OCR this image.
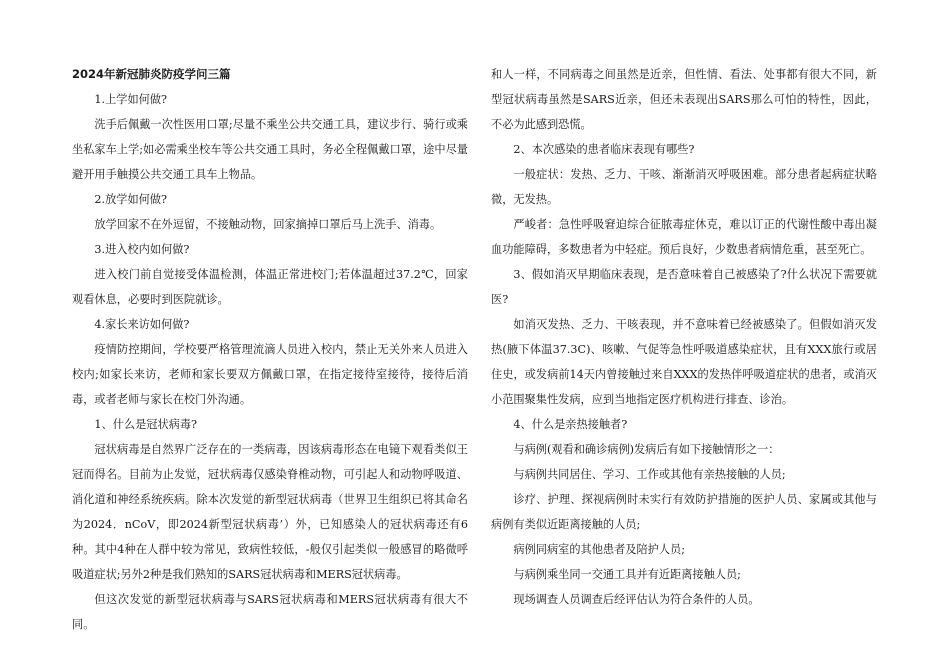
2024年新冠肺炎防疫学问三篇

1.上学如何做?

洗手后佩戴一次性医用口罩;尽量不乘坐公共交通工具，建议步行、骑行或乘坐私家车上学;如必需乘坐校车等公共交通工具时，务必全程佩戴口罩，途中尽量避开用手触摸公共交通工具车上物品。

2.放学如何做?

放学回家不在外逗留，不接触动物，回家摘掉口罩后马上洗手、消毒。

3.进入校内如何做?

进入校门前自觉接受体温检测，体温正常进校门;若体温超过37.2℃，回家观看休息，必要时到医院就诊。

4.家长来访如何做?

疫情防控期间，学校要严格管理流滴人员进入校内，禁止无关外来人员进入校内;如家长来访，老师和家长要双方佩戴口罩，在指定接待室接待，接待后消毒，或者老师与家长在校门外沟通。

1、什么是冠状病毒?

冠状病毒是自然界广泛存在的一类病毒，因该病毒形态在电镜下观看类似王冠而得名。目前为止发觉，冠状病毒仅感染脊椎动物，可引起人和动物呼吸道、消化道和神经系统疾病。除本次发觉的新型冠状病毒（世界卫生组织已将其命名为2024．nCoV，即2024新型冠状病毒’）外，已知感染人的冠状病毒还有6种。其中4种在人群中较为常见，致病性较低，-般仅引起类似一般感冒的略微呼吸道症状;另外2种是我们熟知的SARS冠状病毒和MERS冠状病毒。

但这次发觉的新型冠状病毒与SARS冠状病毒和MERS冠状病毒有很大不同。

和人一样，不同病毒之间虽然是近亲，但性情、看法、处事都有很大不同，新型冠状病毒虽然是SARS近亲，但还未表现出SARS那么可怕的特性，因此，不必为此感到恐慌。

2、本次感染的患者临床表现有哪些?

一般症状：发热、乏力、干咳、渐渐消灭呼吸困难。部分患者起病症状略微，无发热。

严峻者：急性呼吸窘迫综合征脓毒症休克，难以订正的代谢性酸中毒出凝血功能障碍，多数患者为中轻症。预后良好，少数患者病情危重，甚至死亡。

3、假如消灭早期临床表现，是否意味着自己被感染了?什么状况下需要就医?

如消灭发热、乏力、干咳表现，并不意味着已经被感染了。但假如消灭发热(腋下体温37.3C)、咳嗽、气促等急性呼吸道感染症状，且有XXX旅行或居住史，或发病前14天内曾接触过来自XXX的发热伴呼吸道症状的患者，或消灭小范围聚集性发病，应到当地指定医疗机构进行排查、诊治。

4、什么是亲热接触者?

与病例(观看和确诊病例)发病后有如下接触情形之一：

与病例共同居住、学习、工作或其他有亲热接触的人员;

诊疗、护理、探视病例时未实行有效防护措施的医护人员、家属或其他与病例有类似近距离接触的人员;

病例同病室的其他患者及陪护人员;

与病例乘坐同一交通工具并有近距离接触人员;

现场调查人员调查后经评估认为符合条件的人员。
